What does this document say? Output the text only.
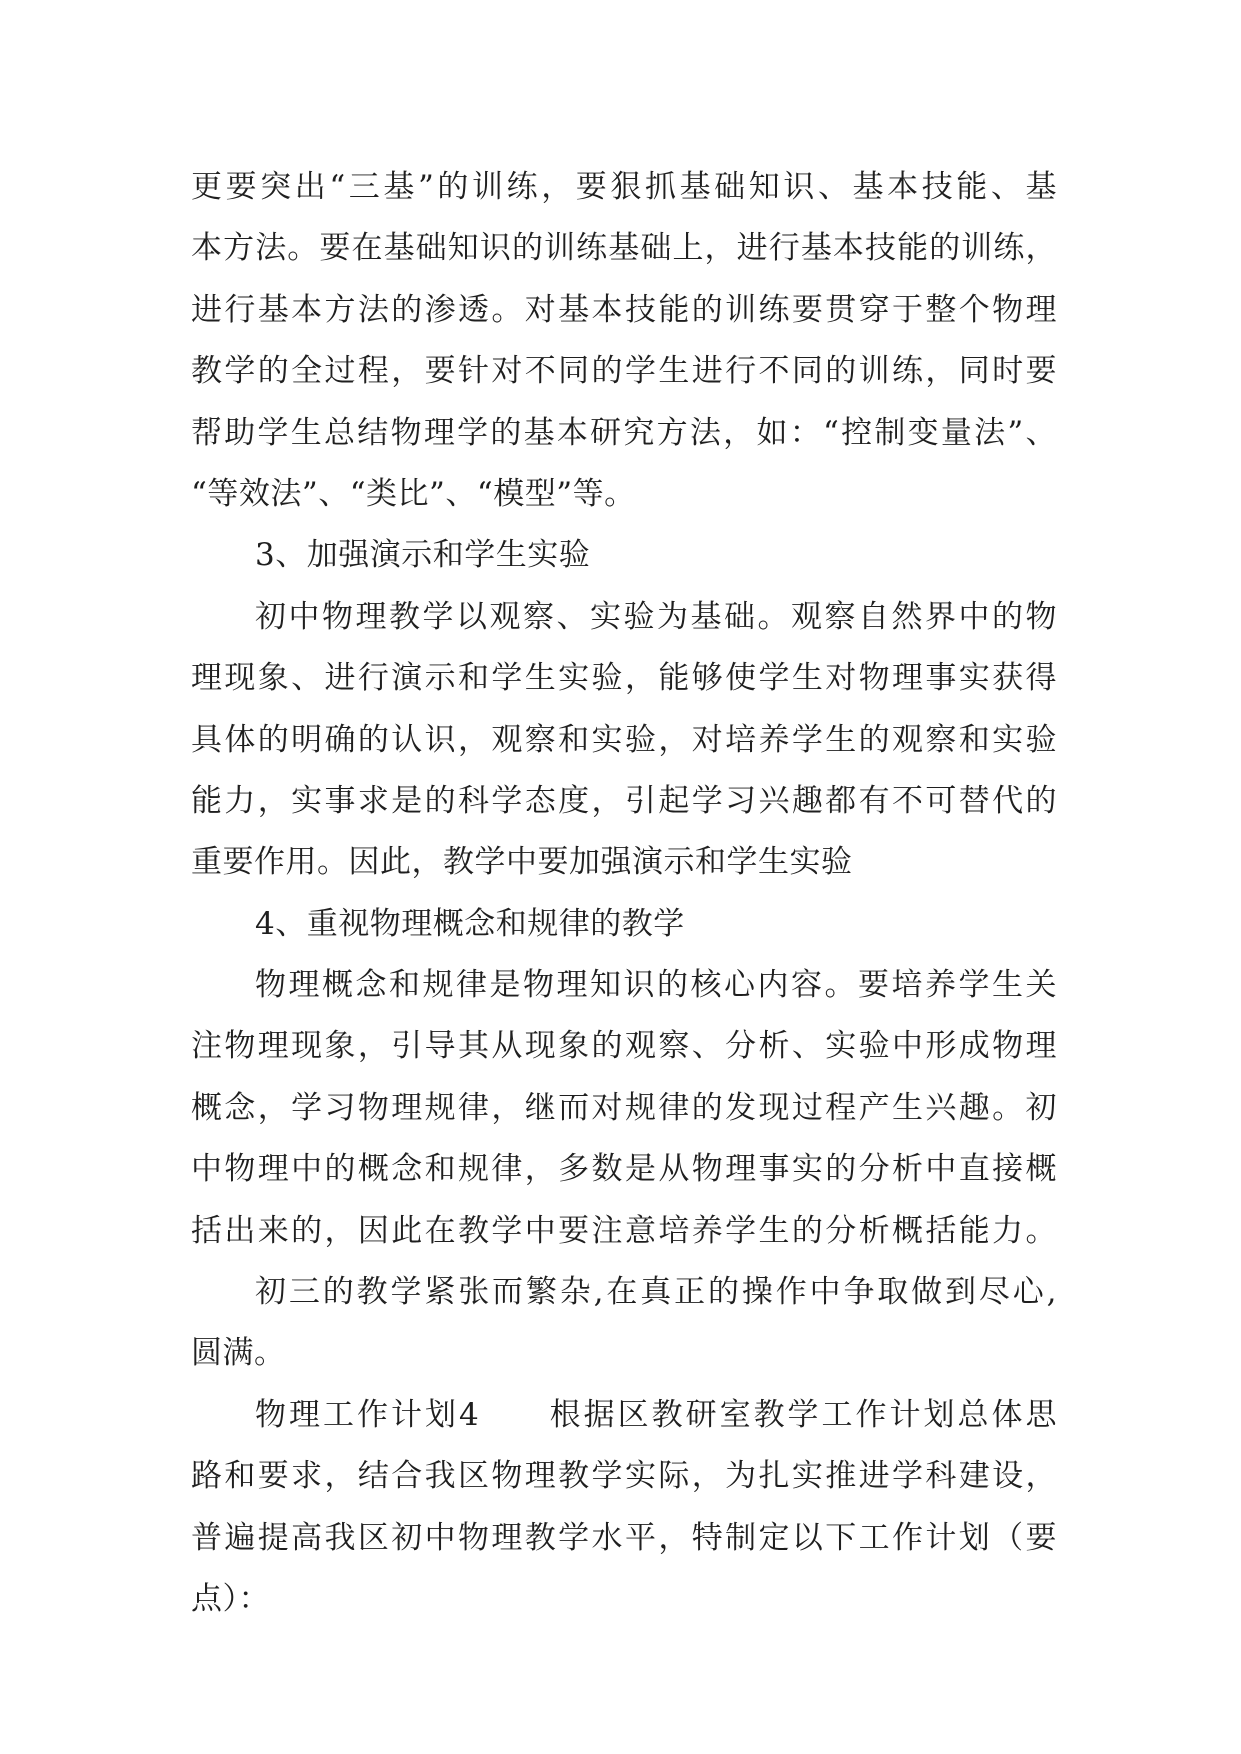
更要突出“三基”的训练，要狠抓基础知识、基本技能、基
本方法。要在基础知识的训练基础上，进行基本技能的训练，
进行基本方法的渗透。对基本技能的训练要贯穿于整个物理
教学的全过程，要针对不同的学生进行不同的训练，同时要
帮助学生总结物理学的基本研究方法，如：“控制变量法”、
“等效法”、“类比”、“模型”等。
3、加强演示和学生实验
初中物理教学以观察、实验为基础。观察自然界中的物
理现象、进行演示和学生实验，能够使学生对物理事实获得
具体的明确的认识，观察和实验，对培养学生的观察和实验
能力，实事求是的科学态度，引起学习兴趣都有不可替代的
重要作用。因此，教学中要加强演示和学生实验
4、重视物理概念和规律的教学
物理概念和规律是物理知识的核心内容。要培养学生关
注物理现象，引导其从现象的观察、分析、实验中形成物理
概念，学习物理规律，继而对规律的发现过程产生兴趣。初
中物理中的概念和规律，多数是从物理事实的分析中直接概
括出来的，因此在教学中要注意培养学生的分析概括能力。
初三的教学紧张而繁杂,在真正的操作中争取做到尽心,
圆满。
物理工作计划4　　根据区教研室教学工作计划总体思
路和要求，结合我区物理教学实际，为扎实推进学科建设，
普遍提高我区初中物理教学水平，特制定以下工作计划（要
点）：
